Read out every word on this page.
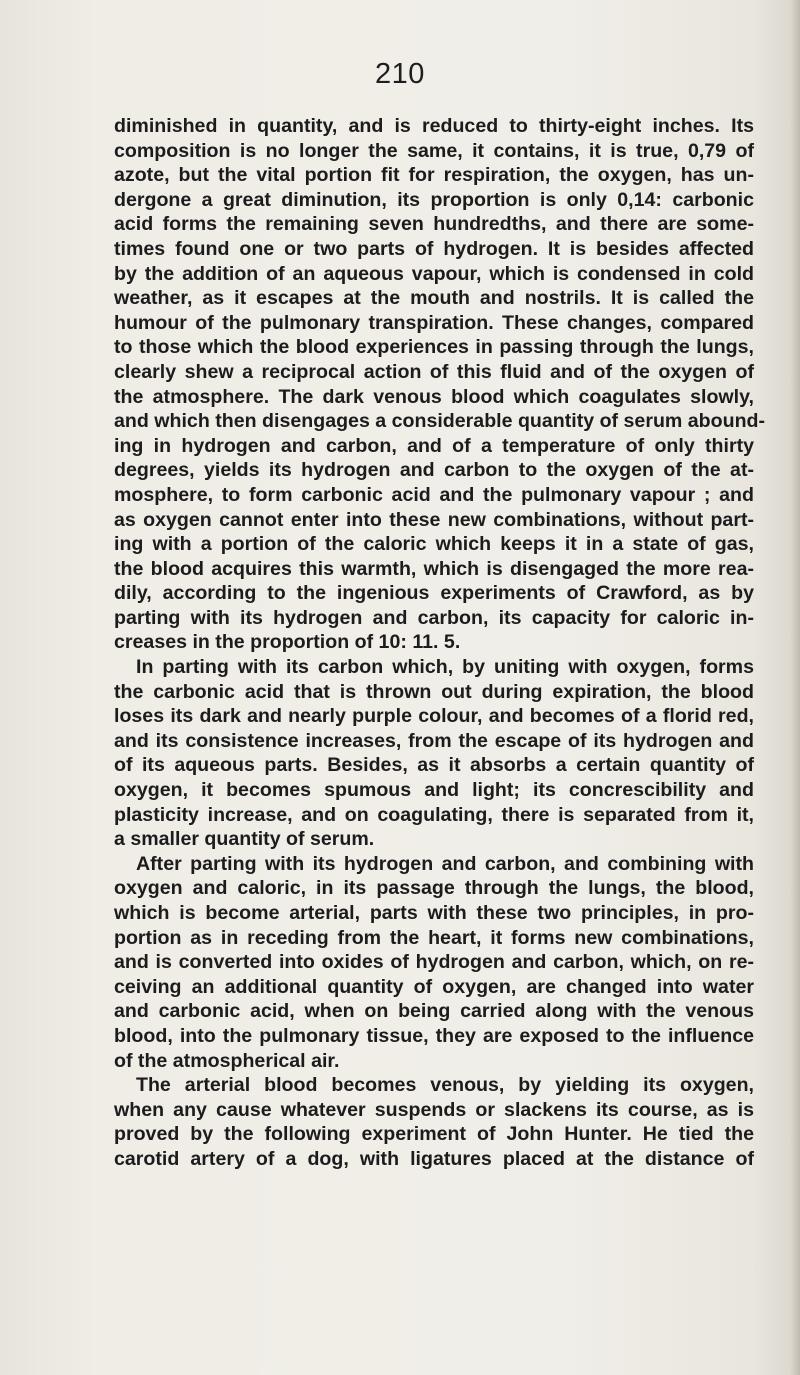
210
diminished in quantity, and is reduced to thirty-eight inches. Its
composition is no longer the same, it contains, it is true, 0,79 of
azote, but the vital portion fit for respiration, the oxygen, has un-
dergone a great diminution, its proportion is only 0,14: carbonic
acid forms the remaining seven hundredths, and there are some-
times found one or two parts of hydrogen. It is besides affected
by the addition of an aqueous vapour, which is condensed in cold
weather, as it escapes at the mouth and nostrils. It is called the
humour of the pulmonary transpiration. These changes, compared
to those which the blood experiences in passing through the lungs,
clearly shew a reciprocal action of this fluid and of the oxygen of
the atmosphere. The dark venous blood which coagulates slowly,
and which then disengages a considerable quantity of serum abound-
ing in hydrogen and carbon, and of a temperature of only thirty
degrees, yields its hydrogen and carbon to the oxygen of the at-
mosphere, to form carbonic acid and the pulmonary vapour ; and
as oxygen cannot enter into these new combinations, without part-
ing with a portion of the caloric which keeps it in a state of gas,
the blood acquires this warmth, which is disengaged the more rea-
dily, according to the ingenious experiments of Crawford, as by
parting with its hydrogen and carbon, its capacity for caloric in-
creases in the proportion of 10: 11. 5.
In parting with its carbon which, by uniting with oxygen, forms
the carbonic acid that is thrown out during expiration, the blood
loses its dark and nearly purple colour, and becomes of a florid red,
and its consistence increases, from the escape of its hydrogen and
of its aqueous parts. Besides, as it absorbs a certain quantity of
oxygen, it becomes spumous and light; its concrescibility and
plasticity increase, and on coagulating, there is separated from it,
a smaller quantity of serum.
After parting with its hydrogen and carbon, and combining with
oxygen and caloric, in its passage through the lungs, the blood,
which is become arterial, parts with these two principles, in pro-
portion as in receding from the heart, it forms new combinations,
and is converted into oxides of hydrogen and carbon, which, on re-
ceiving an additional quantity of oxygen, are changed into water
and carbonic acid, when on being carried along with the venous
blood, into the pulmonary tissue, they are exposed to the influence
of the atmospherical air.
The arterial blood becomes venous, by yielding its oxygen,
when any cause whatever suspends or slackens its course, as is
proved by the following experiment of John Hunter. He tied the
carotid artery of a dog, with ligatures placed at the distance of
